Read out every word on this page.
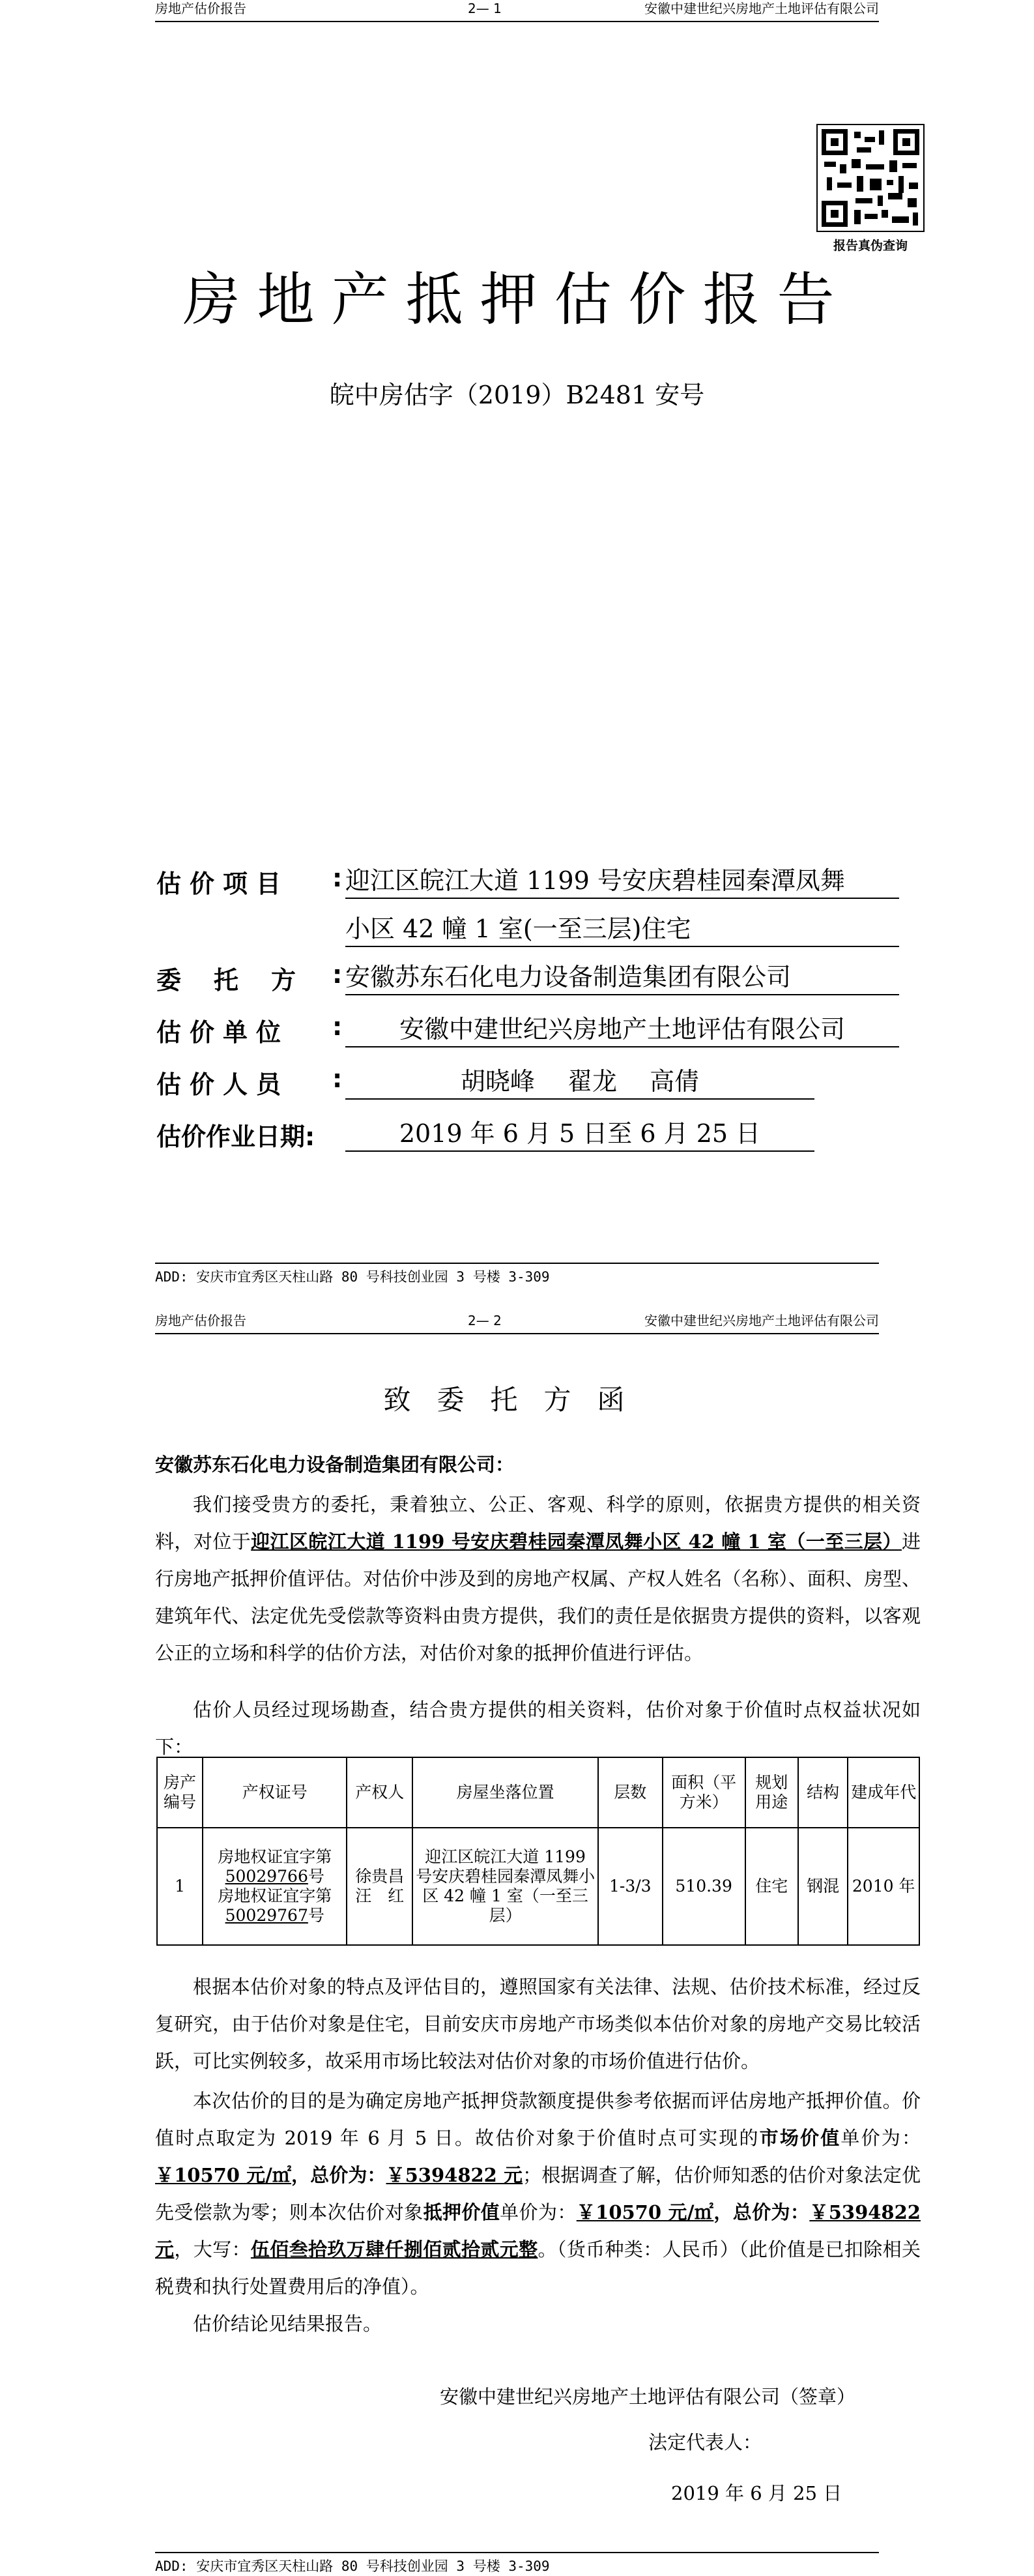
房地产估价报告	2— 1	安徽中建世纪兴房地产土地评估有限公司
报告真伪查询
房地产抵押估价报告
皖中房估字（2019）B2481 安号
估价项目 : 迎江区皖江大道 1199 号安庆碧桂园秦潭凤舞
小区 42 幢 1 室(一至三层)住宅
委托方 : 安徽苏东石化电力设备制造集团有限公司
估价单位 :	安徽中建世纪兴房地产土地评估有限公司
估价人员 :	胡晓峰　 翟龙　 高倩
估价作业日期:	2019 年 6 月 5 日至 6 月 25 日
ADD: 安庆市宜秀区天柱山路 80 号科技创业园 3 号楼 3-309
房地产估价报告	2— 2	安徽中建世纪兴房地产土地评估有限公司
致委托方函
安徽苏东石化电力设备制造集团有限公司：
我们接受贵方的委托，秉着独立、公正、客观、科学的原则，依据贵方提供的相关资料，对位于迎江区皖江大道 1199 号安庆碧桂园秦潭凤舞小区 42 幢 1 室（一至三层）进行房地产抵押价值评估。对估价中涉及到的房地产权属、产权人姓名（名称）、面积、房型、建筑年代、法定优先受偿款等资料由贵方提供，我们的责任是依据贵方提供的资料，以客观公正的立场和科学的估价方法，对估价对象的抵押价值进行评估。
估价人员经过现场勘查，结合贵方提供的相关资料，估价对象于价值时点权益状况如下：
房产编号	产权证号	产权人	房屋坐落位置	层数	面积（平方米）	规划用途	结构	建成年代
1	房地权证宜字第50029766号
房地权证宜字第50029767号	徐贵昌　汪　红	迎江区皖江大道 1199 号安庆碧桂园秦潭凤舞小区 42 幢 1 室（一至三层）	1-3/3	510.39	住宅	钢混	2010 年
根据本估价对象的特点及评估目的，遵照国家有关法律、法规、估价技术标准，经过反复研究，由于估价对象是住宅，目前安庆市房地产市场类似本估价对象的房地产交易比较活跃，可比实例较多，故采用市场比较法对估价对象的市场价值进行估价。
本次估价的目的是为确定房地产抵押贷款额度提供参考依据而评估房地产抵押价值。价值时点取定为 2019 年 6 月 5 日。故估价对象于价值时点可实现的市场价值单价为：￥10570 元/㎡，总价为：￥5394822 元；根据调查了解，估价师知悉的估价对象法定优先受偿款为零；则本次估价对象抵押价值单价为：￥10570 元/㎡，总价为：￥5394822 元，大写：伍佰叁拾玖万肆仟捌佰贰拾贰元整。（货币种类：人民币）（此价值是已扣除相关税费和执行处置费用后的净值）。
估价结论见结果报告。
安徽中建世纪兴房地产土地评估有限公司（签章）
法定代表人：
2019 年 6 月 25 日
ADD: 安庆市宜秀区天柱山路 80 号科技创业园 3 号楼 3-309
